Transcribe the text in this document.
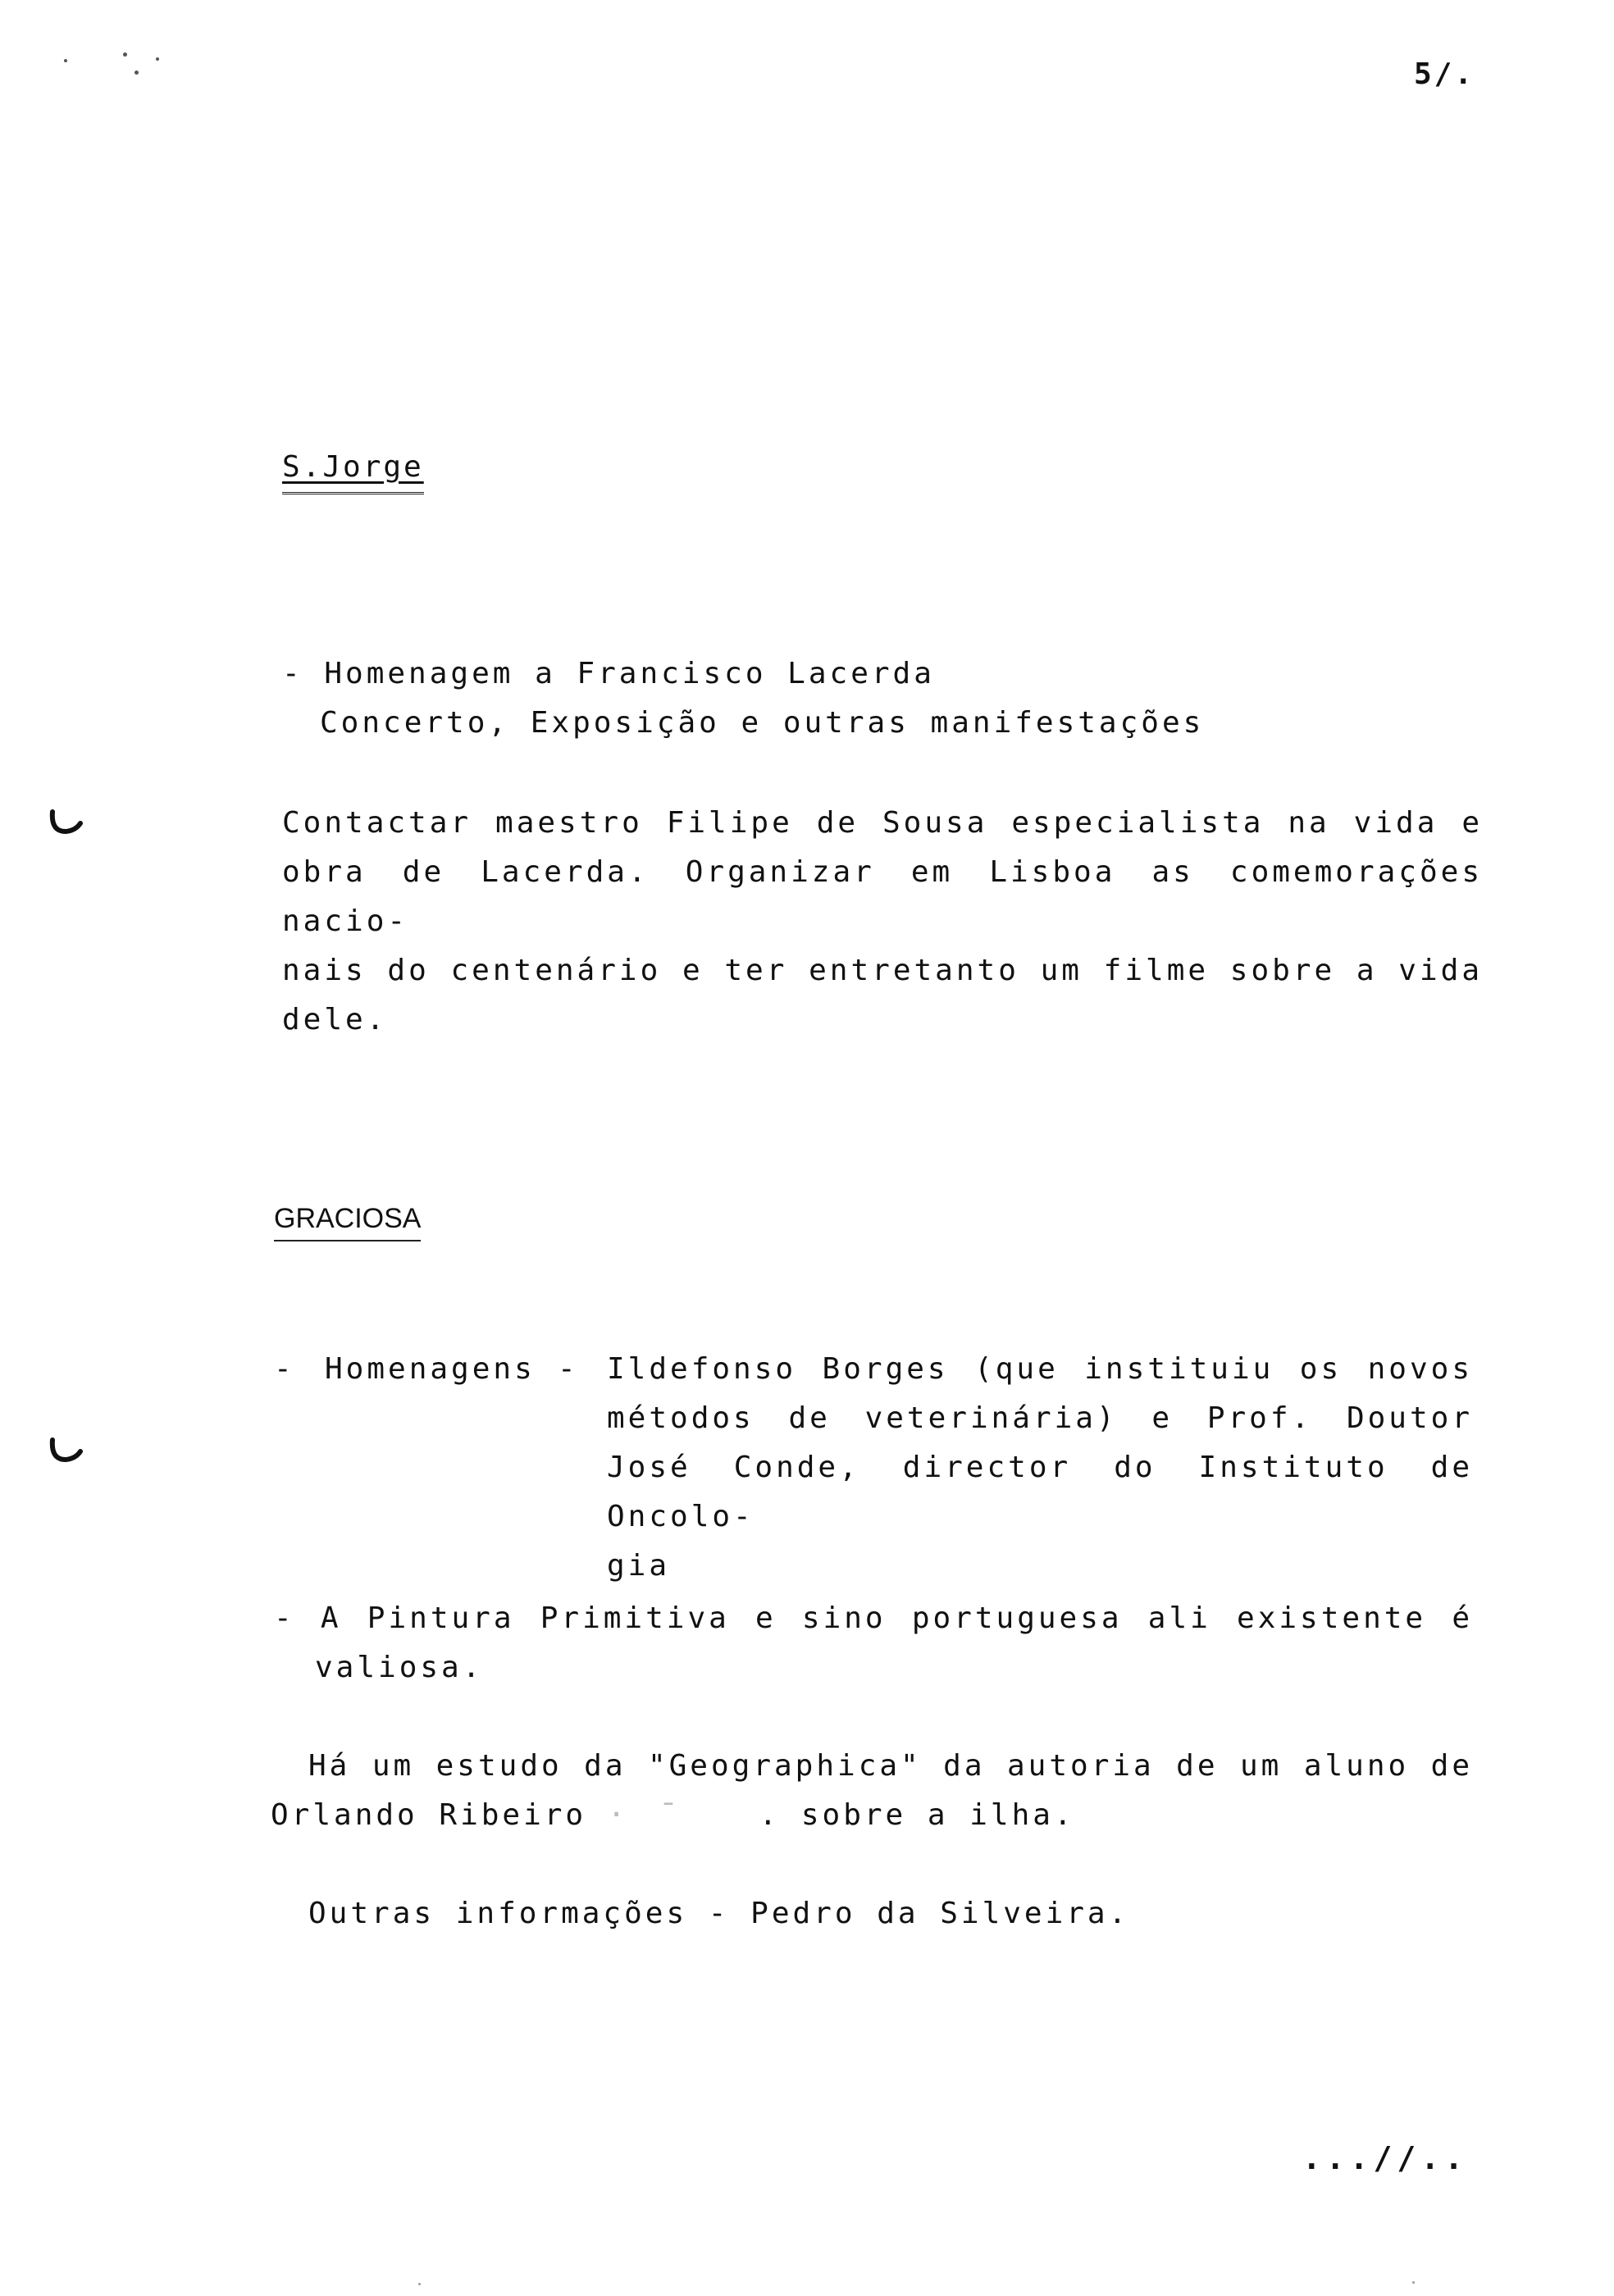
5/.
S.Jorge
- Homenagem a Francisco Lacerda
Concerto, Exposição e outras manifestações
Contactar maestro Filipe de Sousa especialista na vida e
obra de Lacerda. Organizar em Lisboa as comemorações nacio-
nais do centenário e ter entretanto um filme sobre a vida
dele.
GRACIOSA
- Homenagens - Ildefonso Borges (que instituiu os novos
métodos de veterinária) e Prof. Doutor
José Conde, director do Instituto de Oncolo-
gia
- A Pintura Primitiva e sino portuguesa ali existente é
valiosa.
Há um estudo da "Geographica" da autoria de um aluno de
Orlando Ribeiro · ˉ . sobre a ilha.
Outras informações - Pedro da Silveira.
...//..
